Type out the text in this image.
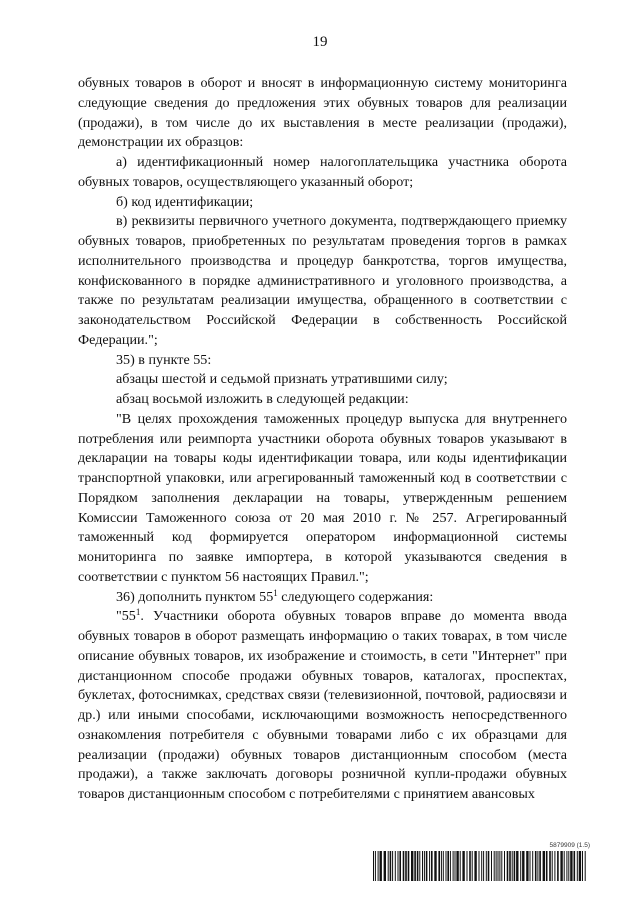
19

обувных товаров в оборот и вносят в информационную систему мониторинга следующие сведения до предложения этих обувных товаров для реализации (продажи), в том числе до их выставления в месте реализации (продажи), демонстрации их образцов:

а) идентификационный номер налогоплательщика участника оборота обувных товаров, осуществляющего указанный оборот;

б) код идентификации;

в) реквизиты первичного учетного документа, подтверждающего приемку обувных товаров, приобретенных по результатам проведения торгов в рамках исполнительного производства и процедур банкротства, торгов имущества, конфискованного в порядке административного и уголовного производства, а также по результатам реализации имущества, обращенного в соответствии с законодательством Российской Федерации в собственность Российской Федерации.";

35) в пункте 55:

абзацы шестой и седьмой признать утратившими силу;

абзац восьмой изложить в следующей редакции:

"В целях прохождения таможенных процедур выпуска для внутреннего потребления или реимпорта участники оборота обувных товаров указывают в декларации на товары коды идентификации товара, или коды идентификации транспортной упаковки, или агрегированный таможенный код в соответствии с Порядком заполнения декларации на товары, утвержденным решением Комиссии Таможенного союза от 20 мая 2010 г. № 257. Агрегированный таможенный код формируется оператором информационной системы мониторинга по заявке импортера, в которой указываются сведения в соответствии с пунктом 56 настоящих Правил.";

36) дополнить пунктом $55^1$ следующего содержания:

"$55^1$. Участники оборота обувных товаров вправе до момента ввода обувных товаров в оборот размещать информацию о таких товарах, в том числе описание обувных товаров, их изображение и стоимость, в сети "Интернет" при дистанционном способе продажи обувных товаров, каталогах, проспектах, буклетах, фотоснимках, средствах связи (телевизионной, почтовой, радиосвязи и др.) или иными способами, исключающими возможность непосредственного ознакомления потребителя с обувными товарами либо с их образцами для реализации (продажи) обувных товаров дистанционным способом (места продажи), а также заключать договоры розничной купли-продажи обувных товаров дистанционным способом с потребителями с принятием авансовых

5879909 (1.5)
